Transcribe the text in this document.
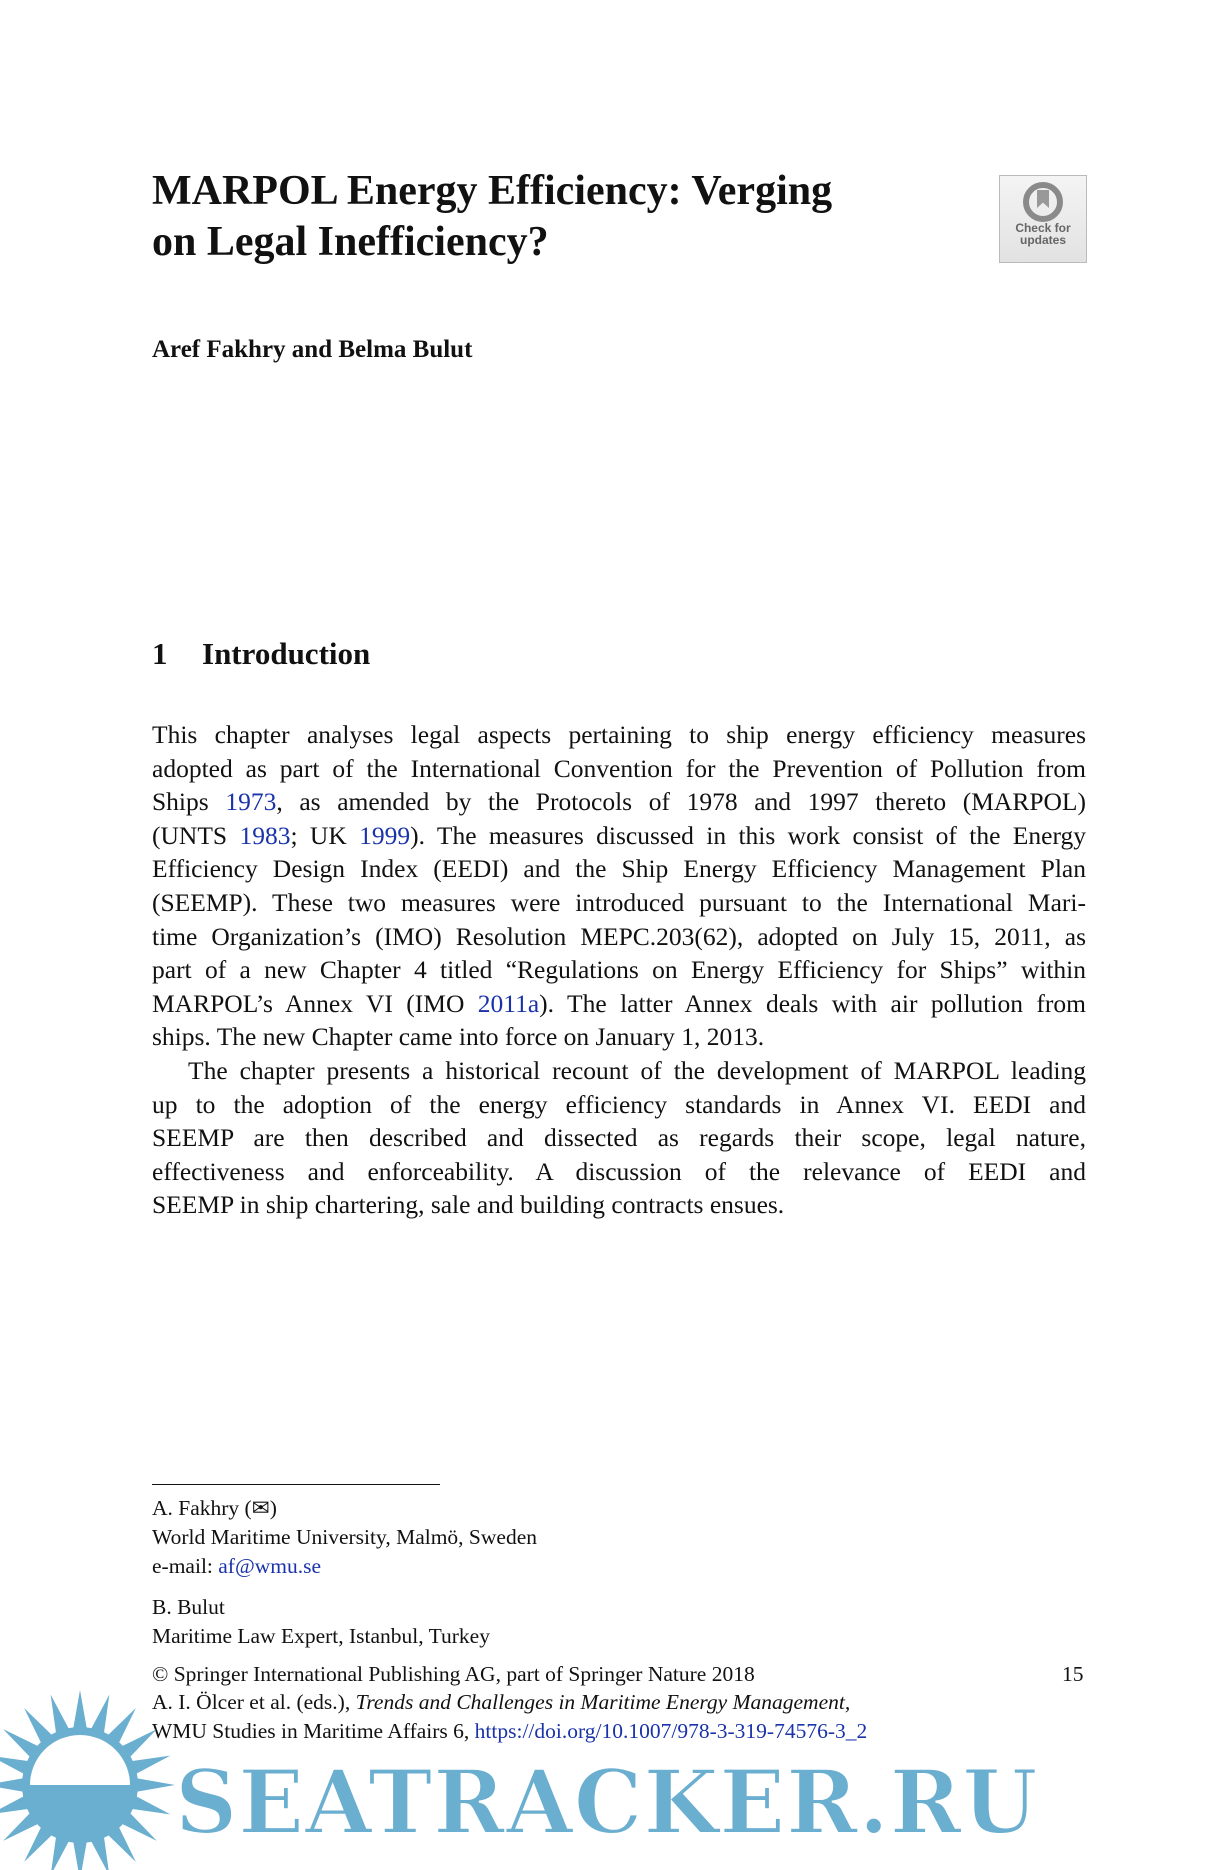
MARPOL Energy Efficiency: Verging
on Legal Inefficiency?	Check for
updates
Aref Fakhry and Belma Bulut
1 Introduction
This chapter analyses legal aspects pertaining to ship energy efficiency measures
adopted as part of the International Convention for the Prevention of Pollution from
Ships 1973, as amended by the Protocols of 1978 and 1997 thereto (MARPOL)
(UNTS 1983; UK 1999). The measures discussed in this work consist of the Energy
Efficiency Design Index (EEDI) and the Ship Energy Efficiency Management Plan
(SEEMP). These two measures were introduced pursuant to the International Mari-
time Organization’s (IMO) Resolution MEPC.203(62), adopted on July 15, 2011, as
part of a new Chapter 4 titled “Regulations on Energy Efficiency for Ships” within
MARPOL’s Annex VI (IMO 2011a). The latter Annex deals with air pollution from
ships. The new Chapter came into force on January 1, 2013.
The chapter presents a historical recount of the development of MARPOL leading
up to the adoption of the energy efficiency standards in Annex VI. EEDI and
SEEMP are then described and dissected as regards their scope, legal nature,
effectiveness and enforceability. A discussion of the relevance of EEDI and
SEEMP in ship chartering, sale and building contracts ensues.
A. Fakhry (✉)
World Maritime University, Malmö, Sweden
e-mail: af@wmu.se
B. Bulut
Maritime Law Expert, Istanbul, Turkey
© Springer International Publishing AG, part of Springer Nature 2018	15
A. I. Ölcer et al. (eds.), Trends and Challenges in Maritime Energy Management,
WMU Studies in Maritime Affairs 6, https://doi.org/10.1007/978-3-319-74576-3_2
SEATRACKER.RU
